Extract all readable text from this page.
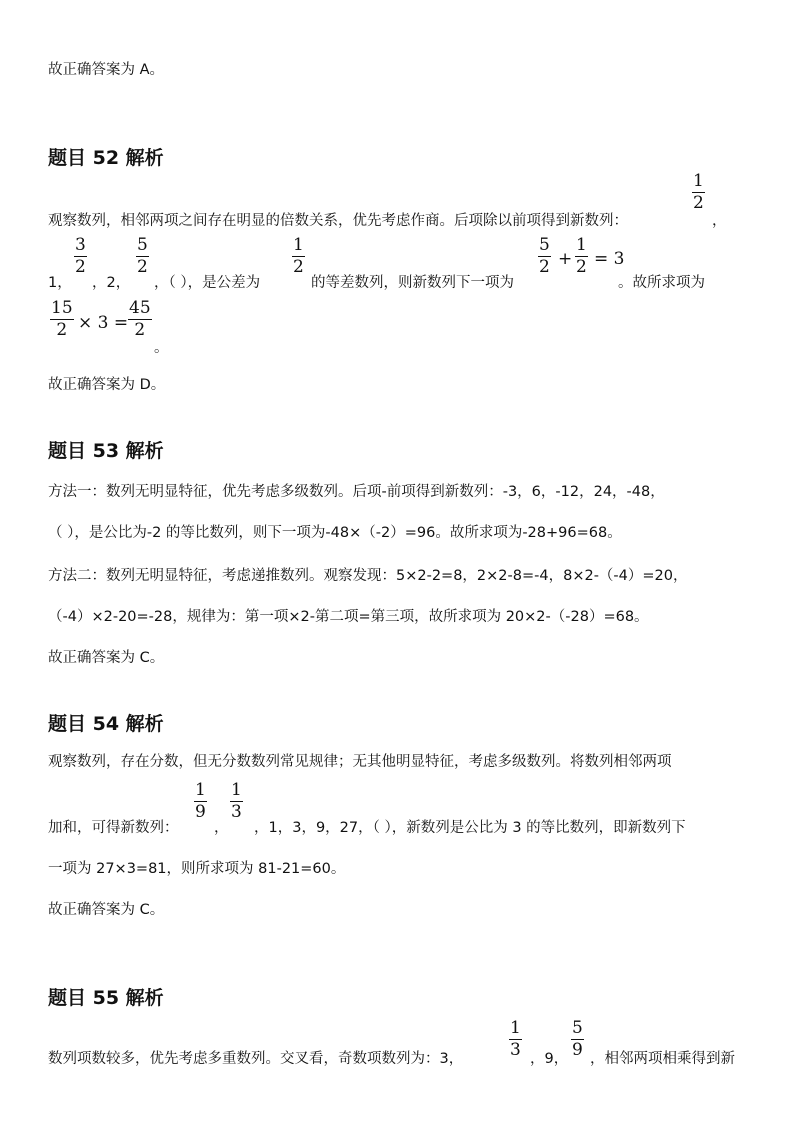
故正确答案为 A。
题目 52 解析
1
2
观察数列，相邻两项之间存在明显的倍数关系，优先考虑作商。后项除以前项得到新数列：	，
1，
3
2
，2，
5
2
，（ ），是公差为
1
2
的等差数列，则新数列下一项为
5
2 +
1
2 = 3
。故所求项为
15
2 × 3 =
45
2
。
故正确答案为 D。
题目 53 解析
方法一：数列无明显特征，优先考虑多级数列。后项-前项得到新数列：-3，6，-12，24，-48，
（ ），是公比为-2 的等比数列，则下一项为-48×（-2）=96。故所求项为-28+96=68。
方法二：数列无明显特征，考虑递推数列。观察发现：5×2-2=8，2×2-8=-4，8×2-（-4）=20，
（-4）×2-20=-28，规律为：第一项×2-第二项=第三项，故所求项为 20×2-（-28）=68。
故正确答案为 C。
题目 54 解析
观察数列，存在分数，但无分数数列常见规律；无其他明显特征，考虑多级数列。将数列相邻两项
加和，可得新数列：
1
9
，
1
3
，1，3，9，27，（ ），新数列是公比为 3 的等比数列，即新数列下
一项为 27×3=81，则所求项为 81-21=60。
故正确答案为 C。
题目 55 解析
数列项数较多，优先考虑多重数列。交叉看，奇数项数列为：3，
1
3 ，9，
5
9 ，相邻两项相乘得到新
